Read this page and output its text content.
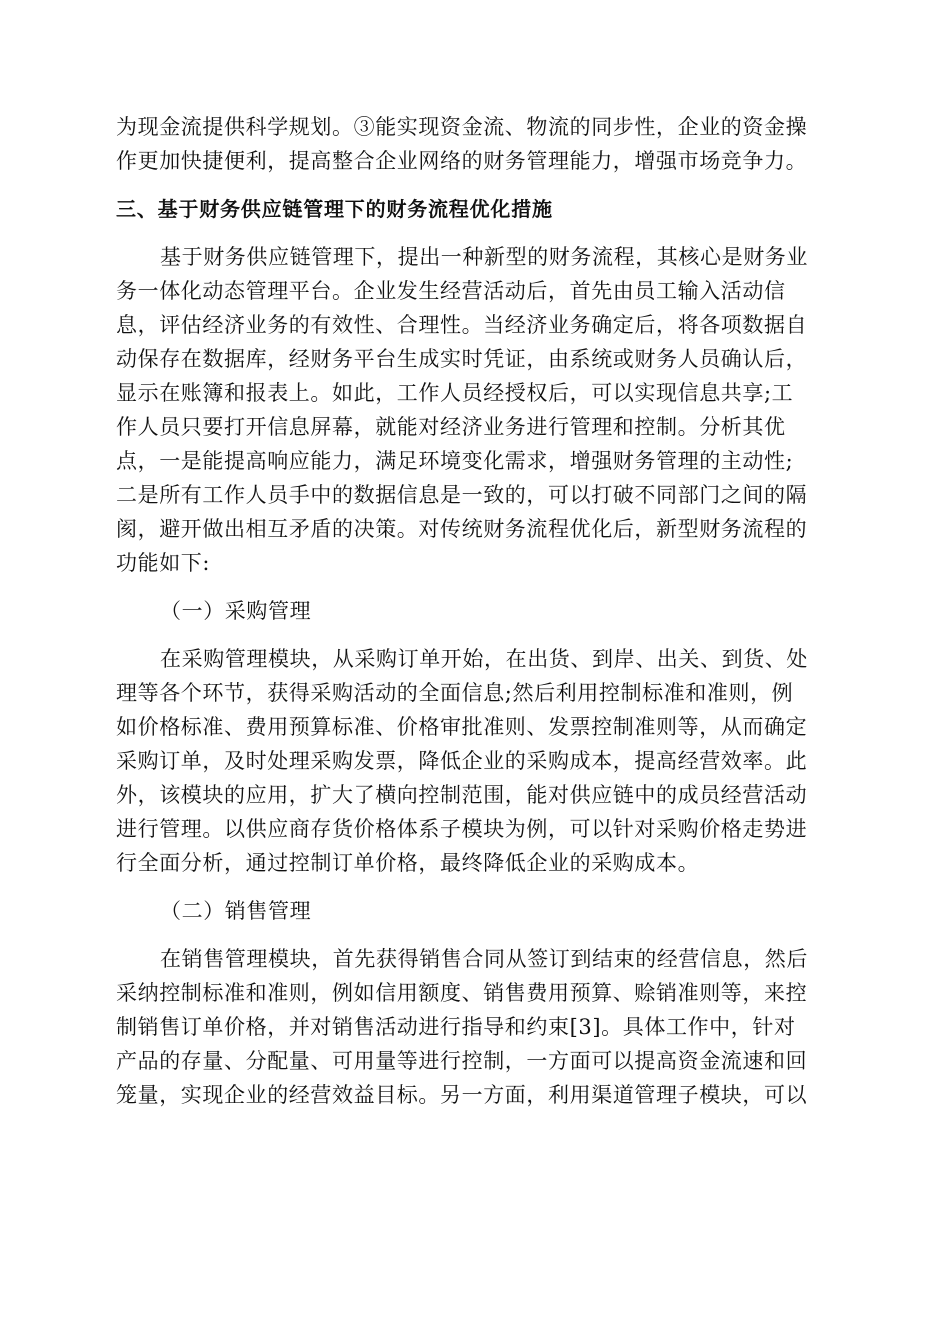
为现金流提供科学规划。③能实现资金流、物流的同步性，企业的资金操
作更加快捷便利，提高整合企业网络的财务管理能力，增强市场竞争力。
三、基于财务供应链管理下的财务流程优化措施
基于财务供应链管理下，提出一种新型的财务流程，其核心是财务业
务一体化动态管理平台。企业发生经营活动后，首先由员工输入活动信
息，评估经济业务的有效性、合理性。当经济业务确定后，将各项数据自
动保存在数据库，经财务平台生成实时凭证，由系统或财务人员确认后，
显示在账簿和报表上。如此，工作人员经授权后，可以实现信息共享;工
作人员只要打开信息屏幕，就能对经济业务进行管理和控制。分析其优
点，一是能提高响应能力，满足环境变化需求，增强财务管理的主动性;
二是所有工作人员手中的数据信息是一致的，可以打破不同部门之间的隔
阂，避开做出相互矛盾的决策。对传统财务流程优化后，新型财务流程的
功能如下:
（一）采购管理
在采购管理模块，从采购订单开始，在出货、到岸、出关、到货、处
理等各个环节，获得采购活动的全面信息;然后利用控制标准和准则，例
如价格标准、费用预算标准、价格审批准则、发票控制准则等，从而确定
采购订单，及时处理采购发票，降低企业的采购成本，提高经营效率。此
外，该模块的应用，扩大了横向控制范围，能对供应链中的成员经营活动
进行管理。以供应商存货价格体系子模块为例，可以针对采购价格走势进
行全面分析，通过控制订单价格，最终降低企业的采购成本。
（二）销售管理
在销售管理模块，首先获得销售合同从签订到结束的经营信息，然后
采纳控制标准和准则，例如信用额度、销售费用预算、赊销准则等，来控
制销售订单价格，并对销售活动进行指导和约束[3]。具体工作中，针对
产品的存量、分配量、可用量等进行控制，一方面可以提高资金流速和回
笼量，实现企业的经营效益目标。另一方面，利用渠道管理子模块，可以
